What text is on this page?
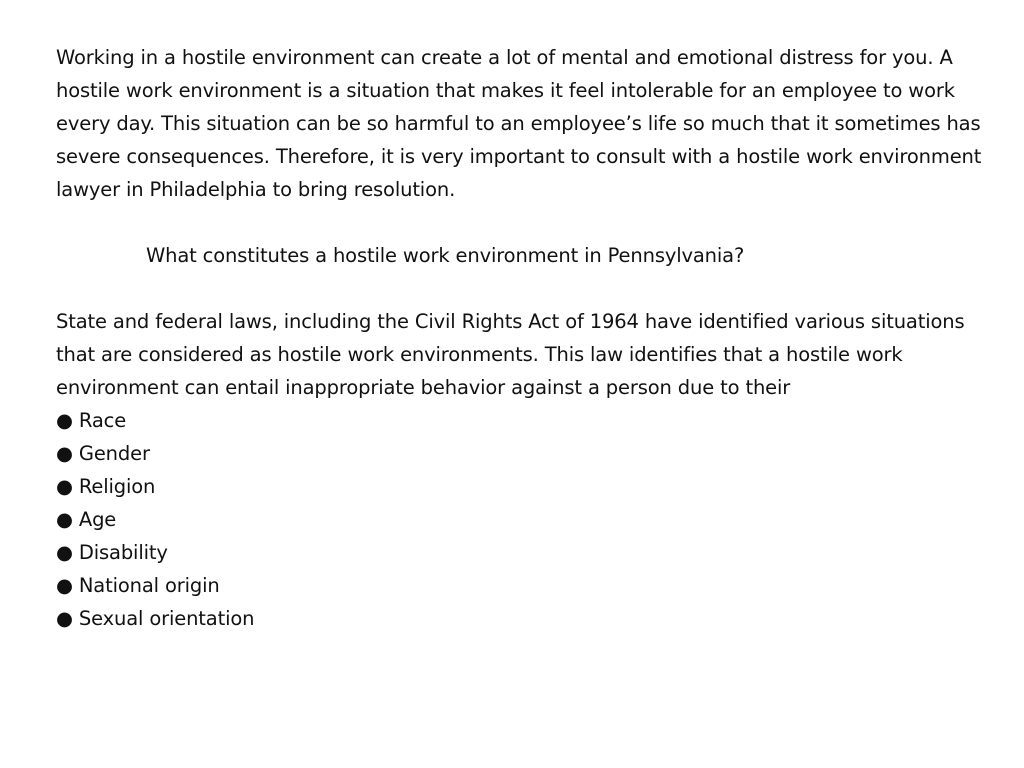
Working in a hostile environment can create a lot of mental and emotional distress for you. A hostile work environment is a situation that makes it feel intolerable for an employee to work every day. This situation can be so harmful to an employee’s life so much that it sometimes has severe consequences. Therefore, it is very important to consult with a hostile work environment lawyer in Philadelphia to bring resolution.

What constitutes a hostile work environment in Pennsylvania?

State and federal laws, including the Civil Rights Act of 1964 have identified various situations that are considered as hostile work environments. This law identifies that a hostile work environment can entail inappropriate behavior against a person due to their

● Race
● Gender
● Religion
● Age
● Disability
● National origin
● Sexual orientation
